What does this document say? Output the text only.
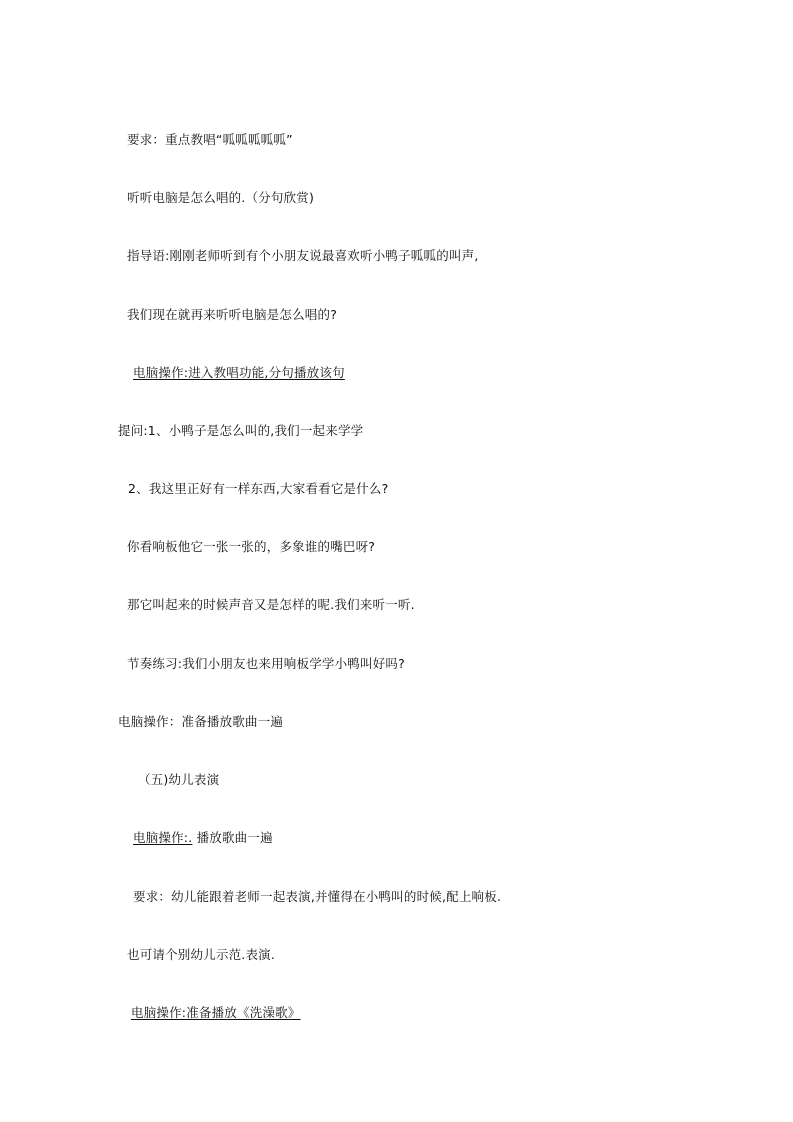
要求：重点教唱“呱呱呱呱呱”
听听电脑是怎么唱的.（分句欣赏)
指导语:刚刚老师听到有个小朋友说最喜欢听小鸭子呱呱的叫声,
我们现在就再来听听电脑是怎么唱的?
电脑操作:进入教唱功能,分句播放该句
提问:1、小鸭子是怎么叫的,我们一起来学学
2、我这里正好有一样东西,大家看看它是什么?
你看响板他它一张一张的，多象谁的嘴巴呀?
那它叫起来的时候声音又是怎样的呢.我们来听一听.
节奏练习:我们小朋友也来用响板学学小鸭叫好吗?
电脑操作：准备播放歌曲一遍
（五)幼儿表演
电脑操作:. 播放歌曲一遍
要求：幼儿能跟着老师一起表演,并懂得在小鸭叫的时候,配上响板.
也可请个别幼儿示范.表演.
电脑操作:准备播放《洗澡歌》
